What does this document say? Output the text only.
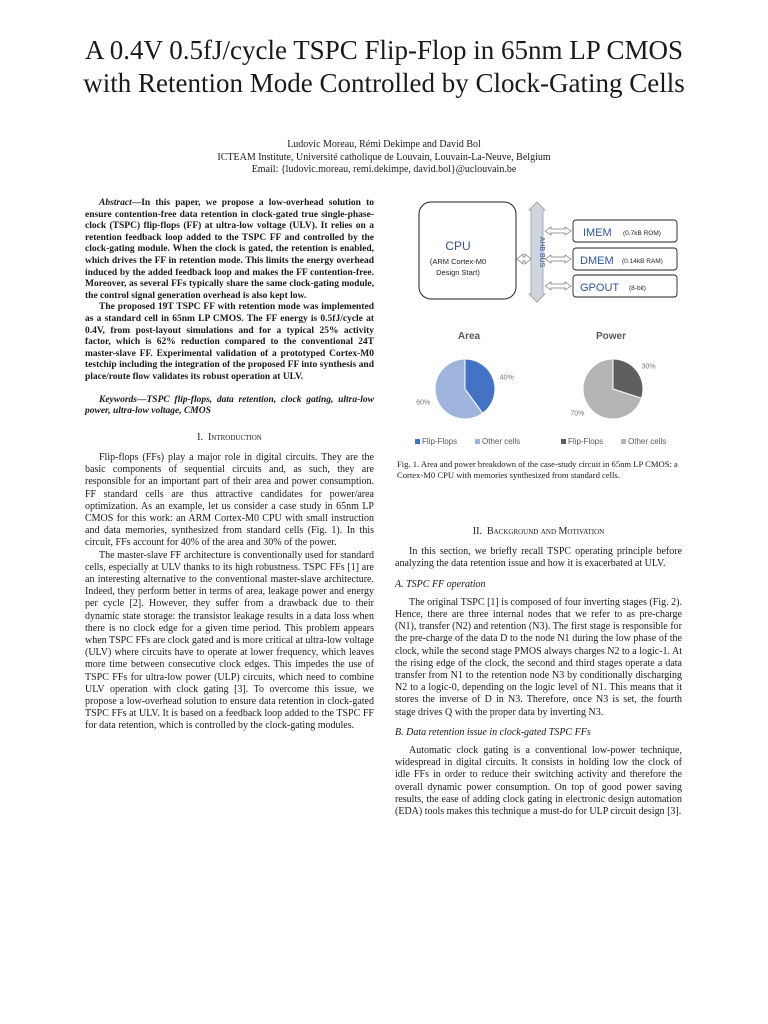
A 0.4V 0.5fJ/cycle TSPC Flip-Flop in 65nm LP CMOS with Retention Mode Controlled by Clock-Gating Cells
Ludovic Moreau, Rémi Dekimpe and David Bol
ICTEAM Institute, Université catholique de Louvain, Louvain-La-Neuve, Belgium
Email: {ludovic.moreau, remi.dekimpe, david.bol}@uclouvain.be

Abstract—In this paper, we propose a low-overhead solution to ensure contention-free data retention in clock-gated true single-phase-clock (TSPC) flip-flops (FF) at ultra-low voltage (ULV). It relies on a retention feedback loop added to the TSPC FF and controlled by the clock-gating module. When the clock is gated, the retention is enabled, which drives the FF in retention mode. This limits the energy overhead induced by the added feedback loop and makes the FF contention-free. Moreover, as several FFs typically share the same clock-gating module, the control signal generation overhead is also kept low.

The proposed 19T TSPC FF with retention mode was implemented as a standard cell in 65nm LP CMOS. The FF energy is 0.5fJ/cycle at 0.4V, from post-layout simulations and for a typical 25% activity factor, which is 62% reduction compared to the conventional 24T master-slave FF. Experimental validation of a prototyped Cortex-M0 testchip including the integration of the proposed FF into synthesis and place/route flow validates its robust operation at ULV.

Keywords—TSPC flip-flops, data retention, clock gating, ultra-low power, ultra-low voltage, CMOS

I. Introduction

Flip-flops (FFs) play a major role in digital circuits. They are the basic components of sequential circuits and, as such, they are responsible for an important part of their area and power consumption. FF standard cells are thus attractive candidates for power/area optimization. As an example, let us consider a case study in 65nm LP CMOS for this work: an ARM Cortex-M0 CPU with small instruction and data memories, synthesized from standard cells (Fig. 1). In this circuit, FFs account for 40% of the area and 30% of the power.

The master-slave FF architecture is conventionally used for standard cells, especially at ULV thanks to its high robustness. TSPC FFs [1] are an interesting alternative to the conventional master-slave architecture. Indeed, they perform better in terms of area, leakage power and energy per cycle [2]. However, they suffer from a drawback due to their dynamic state storage: the transistor leakage results in a data loss when there is no clock edge for a given time period. This problem appears when TSPC FFs are clock gated and is more critical at ultra-low voltage (ULV) where circuits have to operate at lower frequency, which leaves more time between consecutive clock edges. This impedes the use of TSPC FFs for ultra-low power (ULP) circuits, which need to combine ULV operation with clock gating [3]. To overcome this issue, we propose a low-overhead solution to ensure data retention in clock-gated TSPC FFs at ULV. It is based on a feedback loop added to the TSPC FF for data retention, which is controlled by the clock-gating modules.

CPU
(ARM Cortex-M0
Design Start)
AHB BUS
IMEM (0.7kB ROM)
DMEM (0.14kB RAM)
GPOUT (8-bit)
Area
40%
60%
Flip-Flops	Other cells
Power
30%
70%
Flip-Flops	Other cells
Fig. 1. Area and power breakdown of the case-study circuit in 65nm LP CMOS: a Cortex-M0 CPU with memories synthesized from standard cells.
II. Background and Motivation

In this section, we briefly recall TSPC operating principle before analyzing the data retention issue and how it is exacerbated at ULV.

A. TSPC FF operation

The original TSPC [1] is composed of four inverting stages (Fig. 2). Hence, there are three internal nodes that we refer to as pre-charge (N1), transfer (N2) and retention (N3). The first stage is responsible for the pre-charge of the data D to the node N1 during the low phase of the clock, while the second stage PMOS always charges N2 to a logic-1. At the rising edge of the clock, the second and third stages operate a data transfer from N1 to the retention node N3 by conditionally discharging N2 to a logic-0, depending on the logic level of N1. This means that it stores the inverse of D in N3. Therefore, once N3 is set, the fourth stage drives Q with the proper data by inverting N3.

B. Data retention issue in clock-gated TSPC FFs

Automatic clock gating is a conventional low-power technique, widespread in digital circuits. It consists in holding low the clock of idle FFs in order to reduce their switching activity and therefore the overall dynamic power consumption. On top of good power saving results, the ease of adding clock gating in electronic design automation (EDA) tools makes this technique a must-do for ULP circuit design [3].
